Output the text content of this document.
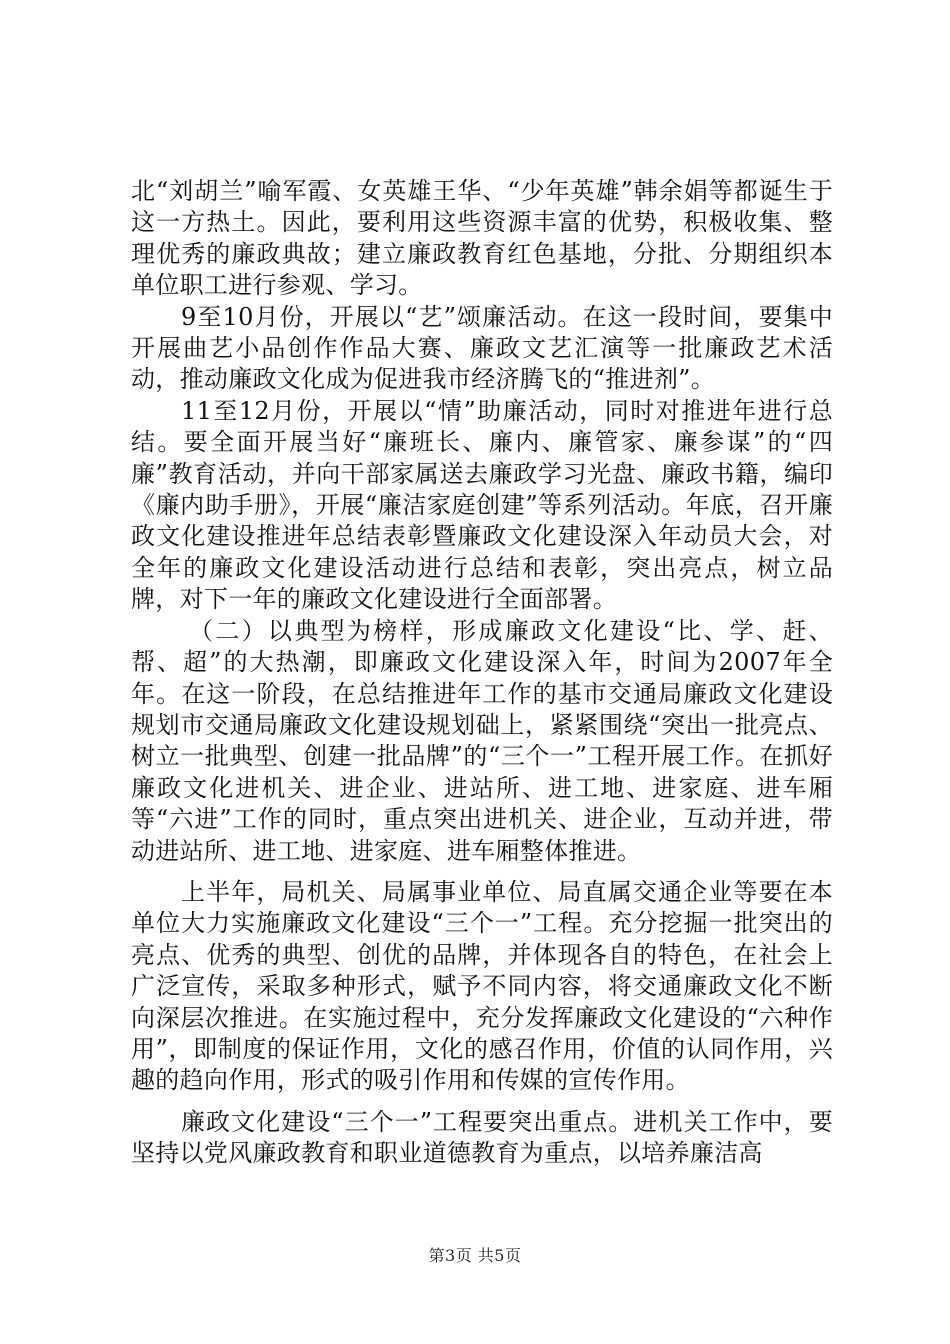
北“刘胡兰”喻军霞、女英雄王华、“少年英雄”韩余娟等都诞生于这一方热土。因此，要利用这些资源丰富的优势，积极收集、整理优秀的廉政典故；建立廉政教育红色基地，分批、分期组织本单位职工进行参观、学习。

9至10月份，开展以“艺”颂廉活动。在这一段时间，要集中开展曲艺小品创作作品大赛、廉政文艺汇演等一批廉政艺术活动，推动廉政文化成为促进我市经济腾飞的“推进剂”。

11至12月份，开展以“情”助廉活动，同时对推进年进行总结。要全面开展当好“廉班长、廉内、廉管家、廉参谋”的“四廉”教育活动，并向干部家属送去廉政学习光盘、廉政书籍，编印《廉内助手册》，开展“廉洁家庭创建”等系列活动。年底，召开廉政文化建设推进年总结表彰暨廉政文化建设深入年动员大会，对全年的廉政文化建设活动进行总结和表彰，突出亮点，树立品牌，对下一年的廉政文化建设进行全面部署。

（二）以典型为榜样，形成廉政文化建设“比、学、赶、帮、超”的大热潮，即廉政文化建设深入年，时间为2007年全年。在这一阶段，在总结推进年工作的基市交通局廉政文化建设规划市交通局廉政文化建设规划础上，紧紧围绕“突出一批亮点、树立一批典型、创建一批品牌”的“三个一”工程开展工作。在抓好廉政文化进机关、进企业、进站所、进工地、进家庭、进车厢等“六进”工作的同时，重点突出进机关、进企业，互动并进，带动进站所、进工地、进家庭、进车厢整体推进。

上半年，局机关、局属事业单位、局直属交通企业等要在本单位大力实施廉政文化建设“三个一”工程。充分挖掘一批突出的亮点、优秀的典型、创优的品牌，并体现各自的特色，在社会上广泛宣传，采取多种形式，赋予不同内容，将交通廉政文化不断向深层次推进。在实施过程中，充分发挥廉政文化建设的“六种作用”，即制度的保证作用，文化的感召作用，价值的认同作用，兴趣的趋向作用，形式的吸引作用和传媒的宣传作用。

廉政文化建设“三个一”工程要突出重点。进机关工作中，要坚持以党风廉政教育和职业道德教育为重点，以培养廉洁高

第3页 共5页
